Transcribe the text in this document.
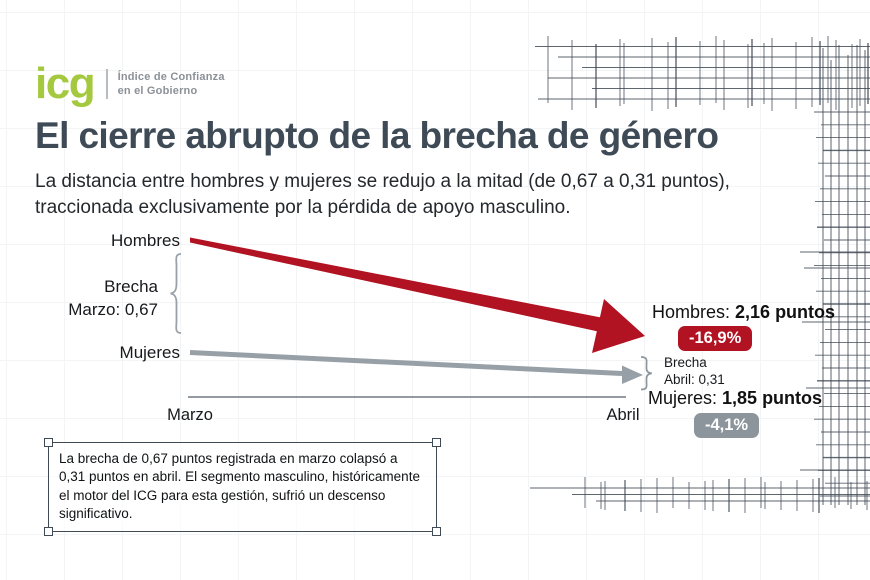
icg Índice de Confianza
en el Gobierno
El cierre abrupto de la brecha de género
La distancia entre hombres y mujeres se redujo a la mitad (de 0,67 a 0,31 puntos), traccionada exclusivamente por la pérdida de apoyo masculino.
Hombres
Brecha
Marzo: 0,67
Mujeres
Marzo	Abril
Hombres: 2,16 puntos
-16,9%
Brecha
Abril: 0,31
Mujeres: 1,85 puntos
-4,1%
La brecha de 0,67 puntos registrada en marzo colapsó a 0,31 puntos en abril. El segmento masculino, históricamente el motor del ICG para esta gestión, sufrió un descenso significativo.
